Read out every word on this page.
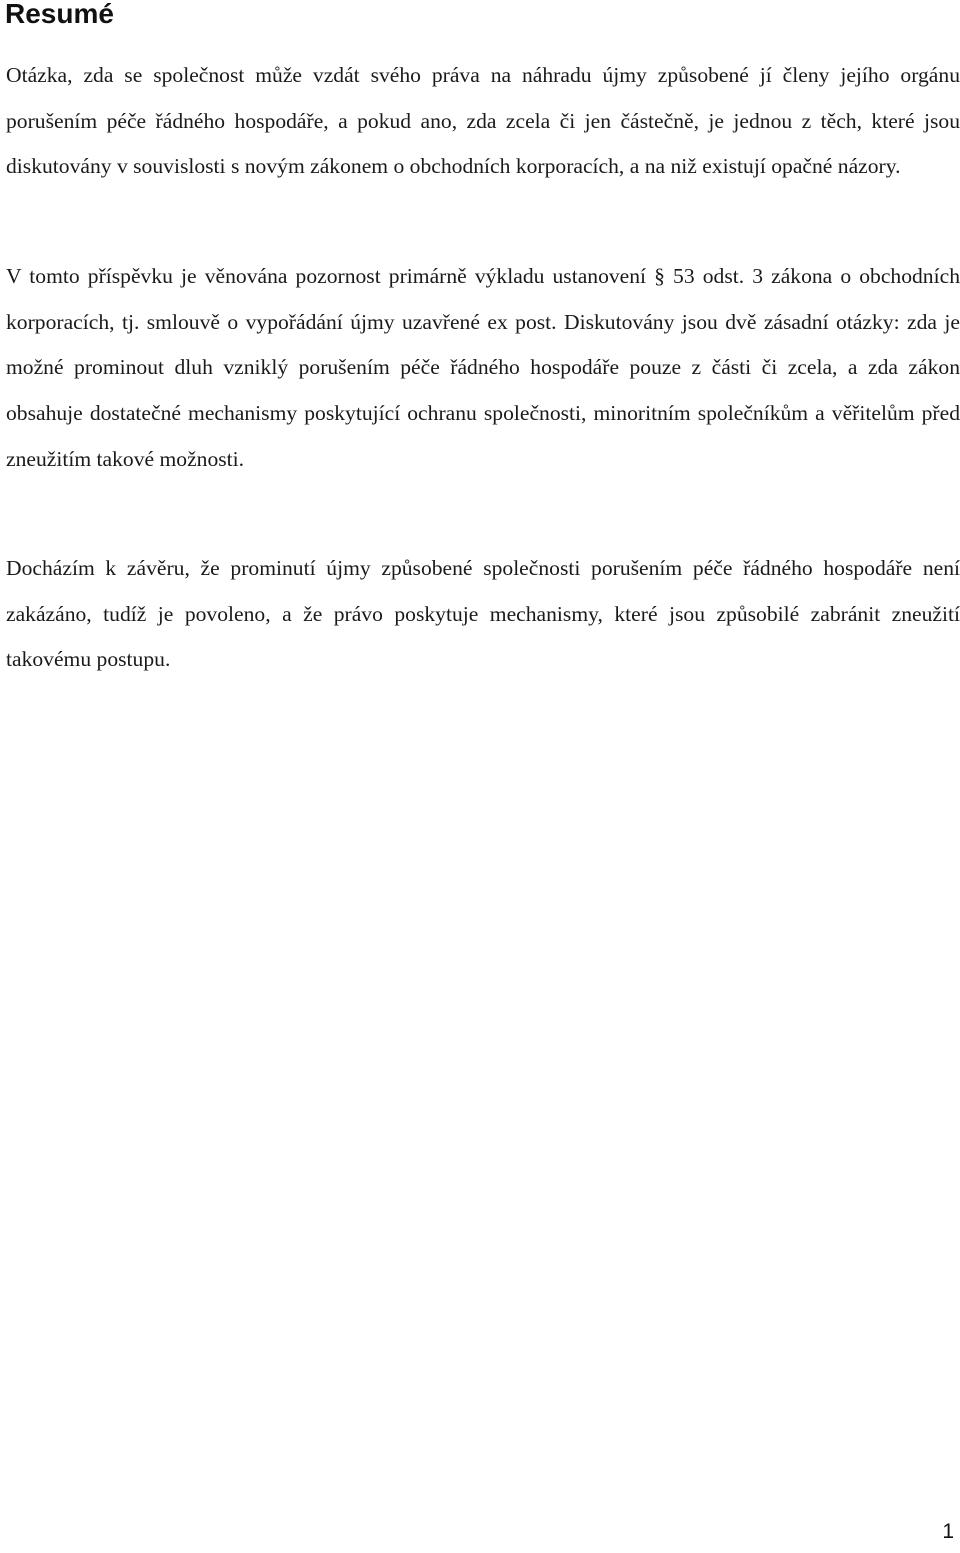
Resumé

Otázka, zda se společnost může vzdát svého práva na náhradu újmy způsobené jí členy jejího orgánu porušením péče řádného hospodáře, a pokud ano, zda zcela či jen částečně, je jednou z těch, které jsou diskutovány v souvislosti s novým zákonem o obchodních korporacích, a na niž existují opačné názory.

V tomto příspěvku je věnována pozornost primárně výkladu ustanovení § 53 odst. 3 zákona o obchodních korporacích, tj. smlouvě o vypořádání újmy uzavřené ex post. Diskutovány jsou dvě zásadní otázky: zda je možné prominout dluh vzniklý porušením péče řádného hospodáře pouze z části či zcela, a zda zákon obsahuje dostatečné mechanismy poskytující ochranu společnosti, minoritním společníkům a věřitelům před zneužitím takové možnosti.

Docházím k závěru, že prominutí újmy způsobené společnosti porušením péče řádného hospodáře není zakázáno, tudíž je povoleno, a že právo poskytuje mechanismy, které jsou způsobilé zabránit zneužití takovému postupu.

1
